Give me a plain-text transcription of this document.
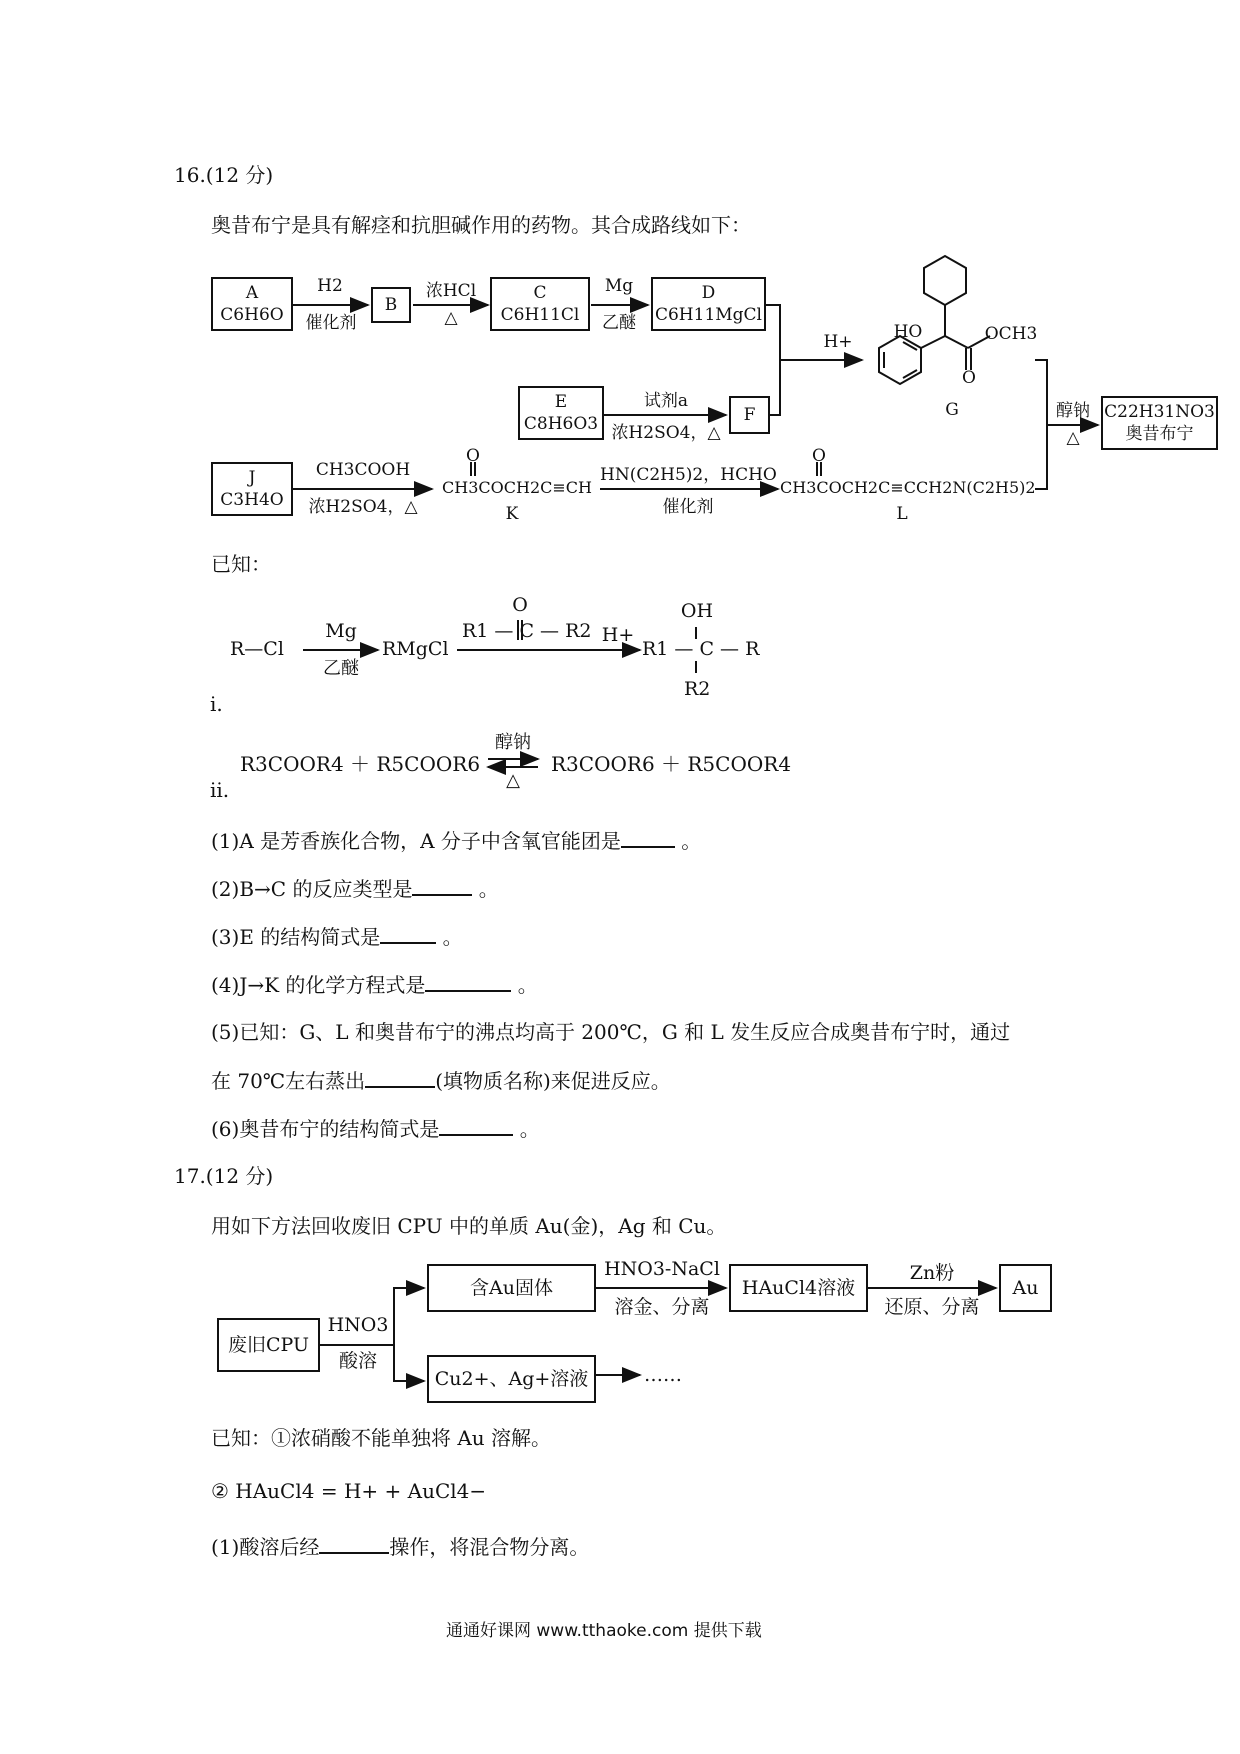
16.(12 分)
奥昔布宁是具有解痉和抗胆碱作用的药物。其合成路线如下：
A
C6H6O
H2
催化剂
B
浓HCl
△
C
C6H11Cl
Mg
乙醚
D
C6H11MgCl
E
C8H6O3
试剂a
浓H2SO4，△
F
H+	HO
O
OCH3
G	醇钠
△
C22H31NO3
奥昔布宁
J
C3H4O
CH3COOH
浓H2SO4，△
O
CH3COCH2C≡CH
K
HN(C2H5)2，HCHO
催化剂
O
CH3COCH2C≡CCH2N(C2H5)2
L
已知：
R—Cl
Mg
乙醚
RMgCl
O
R1 — C — R2 H+
OH
R1 — C — R
R2
i.
R3COOR4 ＋ R5COOR6
醇钠
△
R3COOR6 ＋ R5COOR4
ii.
(1)A 是芳香族化合物，A 分子中含氧官能团是	。
(2)B→C 的反应类型是	。
(3)E 的结构简式是	。
(4)J→K 的化学方程式是	。
(5)已知：G、L 和奥昔布宁的沸点均高于 200℃，G 和 L 发生反应合成奥昔布宁时，通过
在 70℃左右蒸出	(填物质名称)来促进反应。
(6)奥昔布宁的结构简式是	。
17.(12 分)
用如下方法回收废旧 CPU 中的单质 Au(金)，Ag 和 Cu。
废旧CPU
HNO3
酸溶
含Au固体
HNO3-NaCl
溶金、分离
HAuCl4溶液
Zn粉
还原、分离
Au
Cu2+、Ag+溶液	……
已知：①浓硝酸不能单独将 Au 溶解。
② HAuCl4 = H+ + AuCl4−
(1)酸溶后经	操作，将混合物分离。
通通好课网 www.tthaoke.com 提供下载
